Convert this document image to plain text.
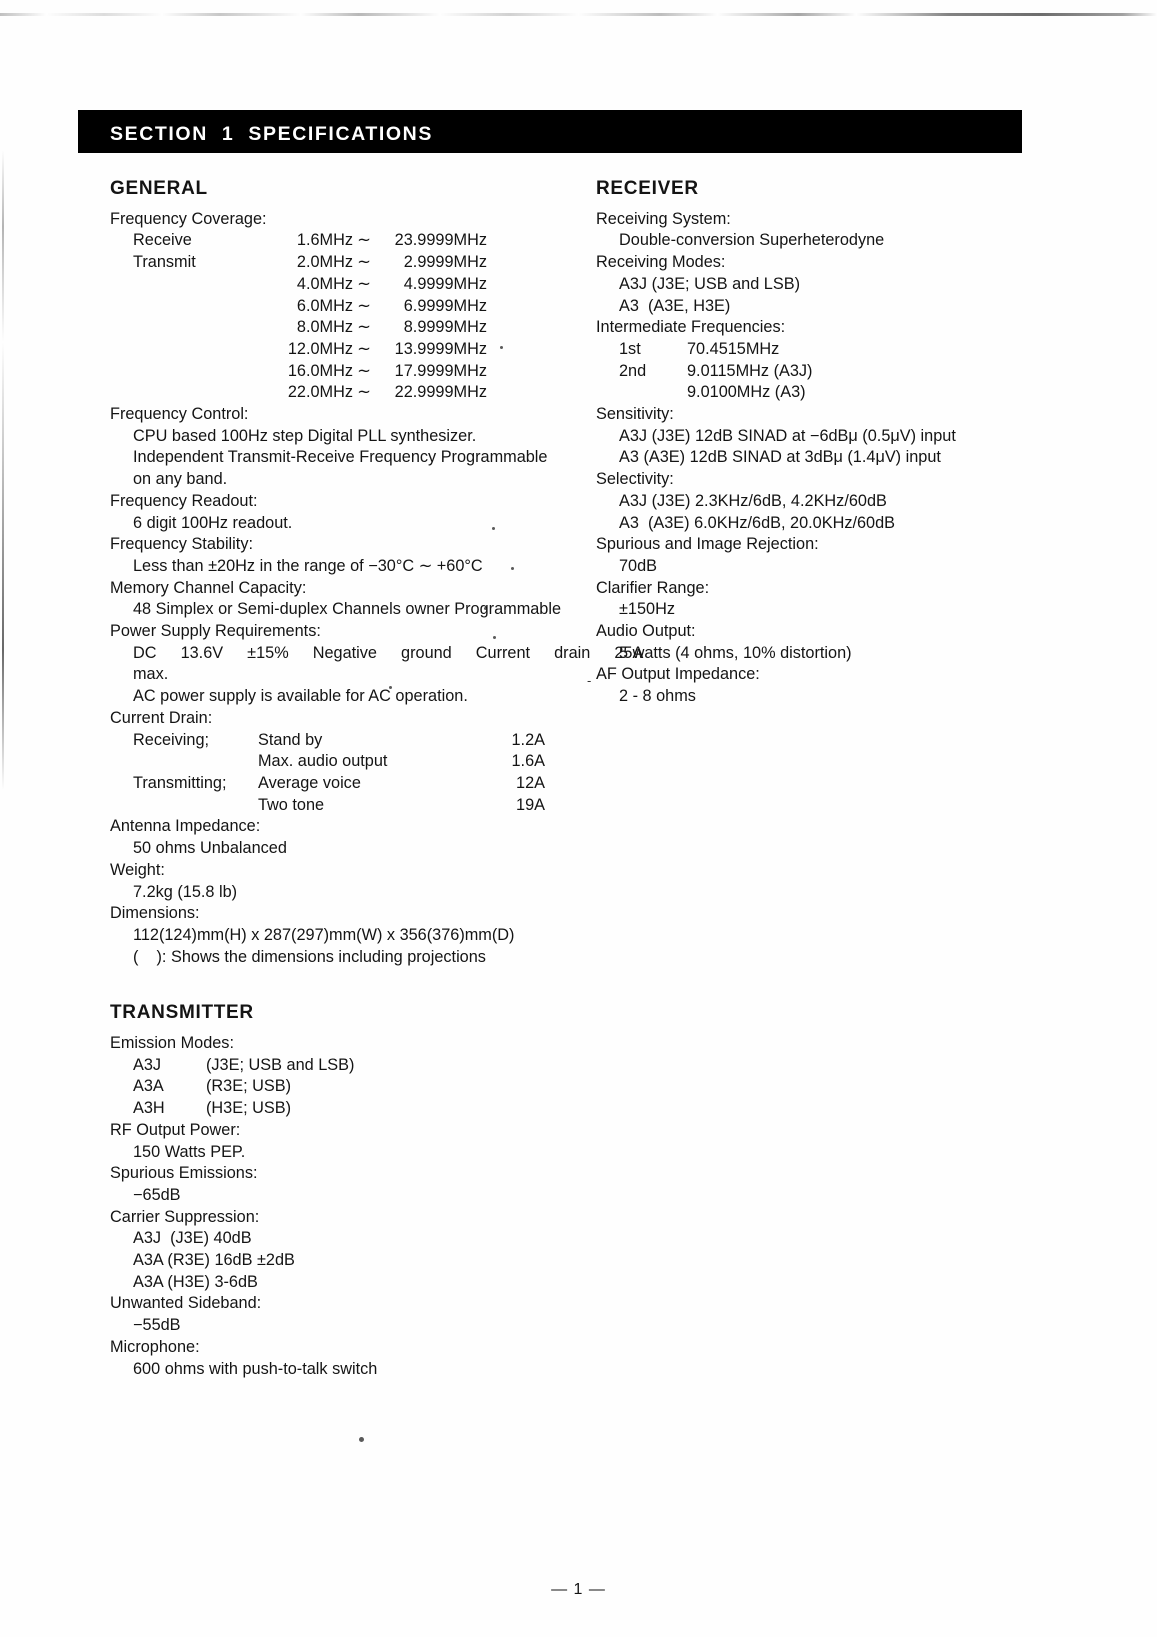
SECTION  1  SPECIFICATIONS
GENERAL

Frequency Coverage:

Receive	1.6MHz ∼	23.9999MHz
Transmit	2.0MHz ∼	2.9999MHz
4.0MHz ∼	4.9999MHz
6.0MHz ∼	6.9999MHz
8.0MHz ∼	8.9999MHz
12.0MHz ∼	13.9999MHz
16.0MHz ∼	17.9999MHz
22.0MHz ∼	22.9999MHz

Frequency Control:

CPU based 100Hz step Digital PLL synthesizer.

Independent Transmit-Receive Frequency Programmable

on any band.

Frequency Readout:

6 digit 100Hz readout.

Frequency Stability:

Less than ±20Hz in the range of −30°C ∼ +60°C

Memory Channel Capacity:

48 Simplex or Semi-duplex Channels owner Programmable

Power Supply Requirements:

DC  13.6V  ±15%  Negative  ground  Current  drain  25A
max.
AC power supply is available for AC operation.

Current Drain:

Receiving;	Stand by	1.2A
Max. audio output	1.6A
Transmitting;	Average voice	12A
Two tone	19A

Antenna Impedance:

50 ohms Unbalanced

Weight:

7.2kg (15.8 lb)

Dimensions:

112(124)mm(H) x 287(297)mm(W) x 356(376)mm(D)

(    ): Shows the dimensions including projections

TRANSMITTER

Emission Modes:

A3J	(J3E; USB and LSB)
A3A	(R3E; USB)
A3H	(H3E; USB)

RF Output Power:

150 Watts PEP.

Spurious Emissions:

−65dB

Carrier Suppression:

A3J  (J3E) 40dB

A3A (R3E) 16dB ±2dB

A3A (H3E) 3-6dB

Unwanted Sideband:

−55dB

Microphone:

600 ohms with push-to-talk switch

RECEIVER

Receiving System:

Double-conversion Superheterodyne

Receiving Modes:

A3J (J3E; USB and LSB)

A3  (A3E, H3E)

Intermediate Frequencies:

1st	70.4515MHz
2nd	9.0115MHz (A3J)
9.0100MHz (A3)

Sensitivity:

A3J (J3E) 12dB SINAD at −6dBμ (0.5μV) input

A3 (A3E) 12dB SINAD at 3dBμ (1.4μV) input

Selectivity:

A3J (J3E) 2.3KHz/6dB, 4.2KHz/60dB

A3  (A3E) 6.0KHz/6dB, 20.0KHz/60dB

Spurious and Image Rejection:

70dB

Clarifier Range:

±150Hz

Audio Output:

5 watts (4 ohms, 10% distortion)

- AF Output Impedance:

2 - 8 ohms

— 1 —
